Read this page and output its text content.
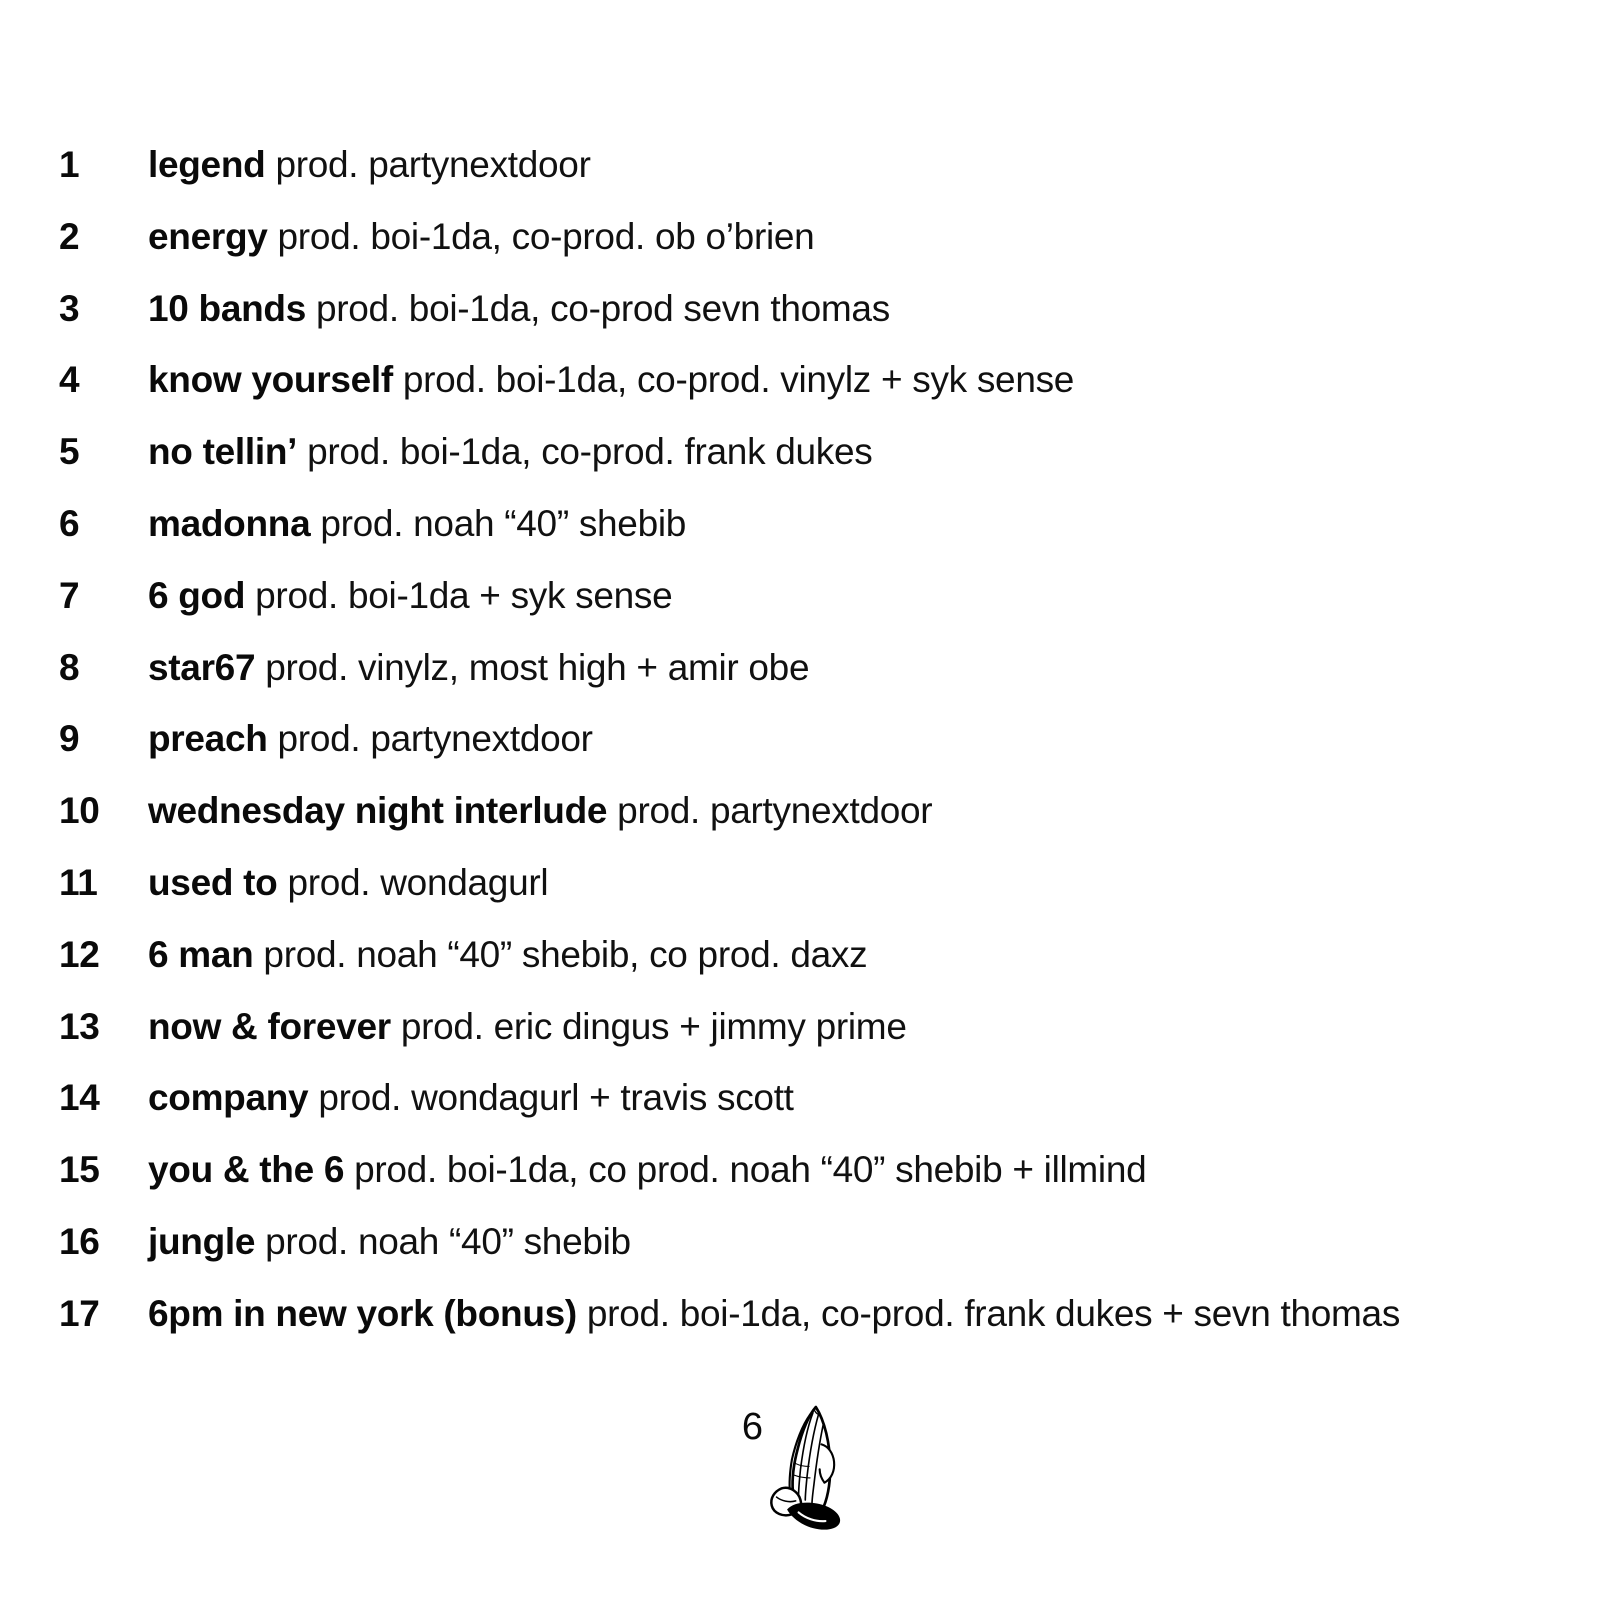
1	legend prod. partynextdoor
2	energy prod. boi-1da, co-prod. ob o’brien
3	10 bands prod. boi-1da, co-prod sevn thomas
4	know yourself prod. boi-1da, co-prod. vinylz + syk sense
5	no tellin’ prod. boi-1da, co-prod. frank dukes
6	madonna prod. noah “40” shebib
7	6 god prod. boi-1da + syk sense
8	star67 prod. vinylz, most high + amir obe
9	preach prod. partynextdoor
10	wednesday night interlude prod. partynextdoor
11	used to prod. wondagurl
12	6 man prod. noah “40” shebib, co prod. daxz
13	now & forever prod. eric dingus + jimmy prime
14	company prod. wondagurl + travis scott
15	you & the 6 prod. boi-1da, co prod. noah “40” shebib + illmind
16	jungle prod. noah “40” shebib
17	6pm in new york (bonus) prod. boi-1da, co-prod. frank dukes + sevn thomas
6
